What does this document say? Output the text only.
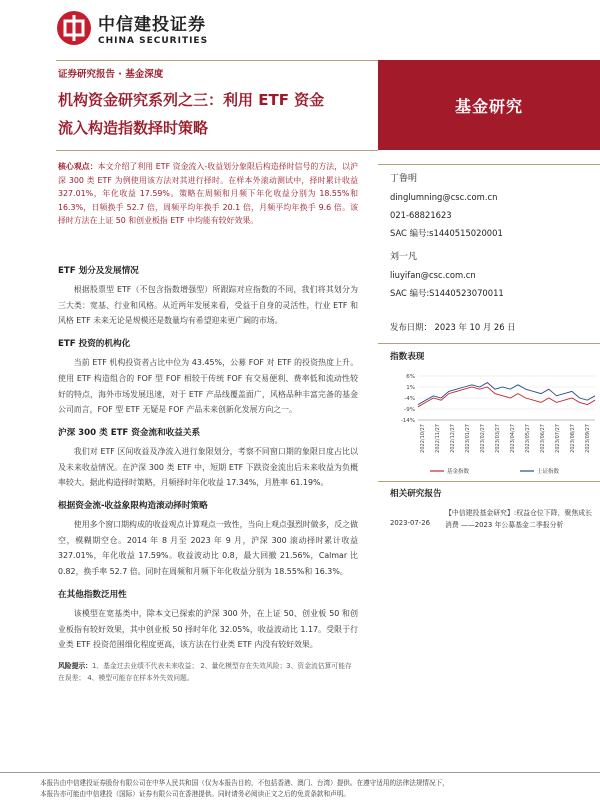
中信建投证券
CHINA SECURITIES
证券研究报告 · 基金深度
机构资金研究系列之三：利用 ETF 资金
流入构造指数择时策略
基金研究
核心观点：本文介绍了利用 ETF 资金流入-收益划分象限后构造择时信号的方法，以沪深 300 类 ETF 为例使用该方法对其进行择时。在样本外滚动测试中，择时累计收益 327.01%，年化收益 17.59%。策略在周频和月频下年化收益分别为 18.55%和 16.3%，日频换手 52.7 倍，周频平均年换手 20.1 倍，月频平均年换手 9.6 倍。该择时方法在上证 50 和创业板指 ETF 中均能有较好效果。
ETF 划分及发展情况
根据股票型 ETF（不包含指数增强型）所跟踪对应指数的不同，我们将其划分为三大类：宽基、行业和风格。从近两年发展来看，受益于自身的灵活性，行业 ETF 和风格 ETF 未来无论是规模还是数量均有希望迎来更广阔的市场。
ETF 投资的机构化
当前 ETF 机构投资者占比中位为 43.45%，公募 FOF 对 ETF 的投资热度上升。使用 ETF 构造组合的 FOF 型 FOF 相较于传统 FOF 有交易便利、费率低和流动性较好的特点，海外市场发展迅速，对于 ETF 产品线覆盖面广，风格品种丰富完备的基金公司而言，FOF 型 ETF 无疑是 FOF 产品未来创新化发展方向之一。
沪深 300 类 ETF 资金流和收益关系
我们对 ETF 区间收益及净流入进行象限划分，考察不同窗口期的象限日度占比以及未来收益情况。在沪深 300 类 ETF 中，短期 ETF 下跌资金流出后未来收益为负概率较大。据此构造择时策略，月频择时年化收益 17.34%，月胜率 61.19%。
根据资金流-收益象限构造滚动择时策略
使用多个窗口期构成的收益观点计算观点一致性，当向上观点强烈时做多，反之做空，模糊期空仓。2014 年 8 月至 2023 年 9 月，沪深 300 滚动择时累计收益 327.01%，年化收益 17.59%。收益波动比 0.8，最大回撤 21.56%，Calmar 比 0.82，换手率 52.7 倍。同时在周频和月频下年化收益分别为 18.55%和 16.3%。
在其他指数泛用性
该模型在宽基类中，除本文已探索的沪深 300 外，在上证 50、创业板 50 和创业板指有较好效果，其中创业板 50 择时年化 32.05%，收益波动比 1.17。受限于行业类 ETF 投资范围细化程度更高，该方法在行业类 ETF 内没有较好效果。
风险提示：1、基金过去业绩不代表未来收益； 2、量化模型存在失效风险；3、资金流估算可能存在误差； 4、模型可能存在样本外失效问题。
丁鲁明
dinglumning@csc.com.cn
021-68821623
SAC 编号:s1440515020001
刘一凡
liuyifan@csc.com.cn
SAC 编号:S1440523070011
发布日期： 2023 年 10 月 26 日
指数表现
6%
1%
-4%
-9%
-14%
2022/10/27 2022/11/27 2022/12/27 2023/01/27 2023/02/27 2023/03/27 2023/04/27 2023/05/27 2023/06/27 2023/07/27 2023/08/27 2023/09/27
基金指数	上证指数
相关研究报告
2023-07-26
【中信建投基金研究】:权益仓位下降，聚焦成长消费 ——2023 年公募基金二季报分析
本报告由中信建投证券股份有限公司在中华人民共和国（仅为本报告目的，不包括香港、澳门、台湾）提供。在遵守适用的法律法规情况下，
本报告亦可能由中信建投（国际）证券有限公司在香港提供。同时请务必阅读正文之后的免责条款和声明。
